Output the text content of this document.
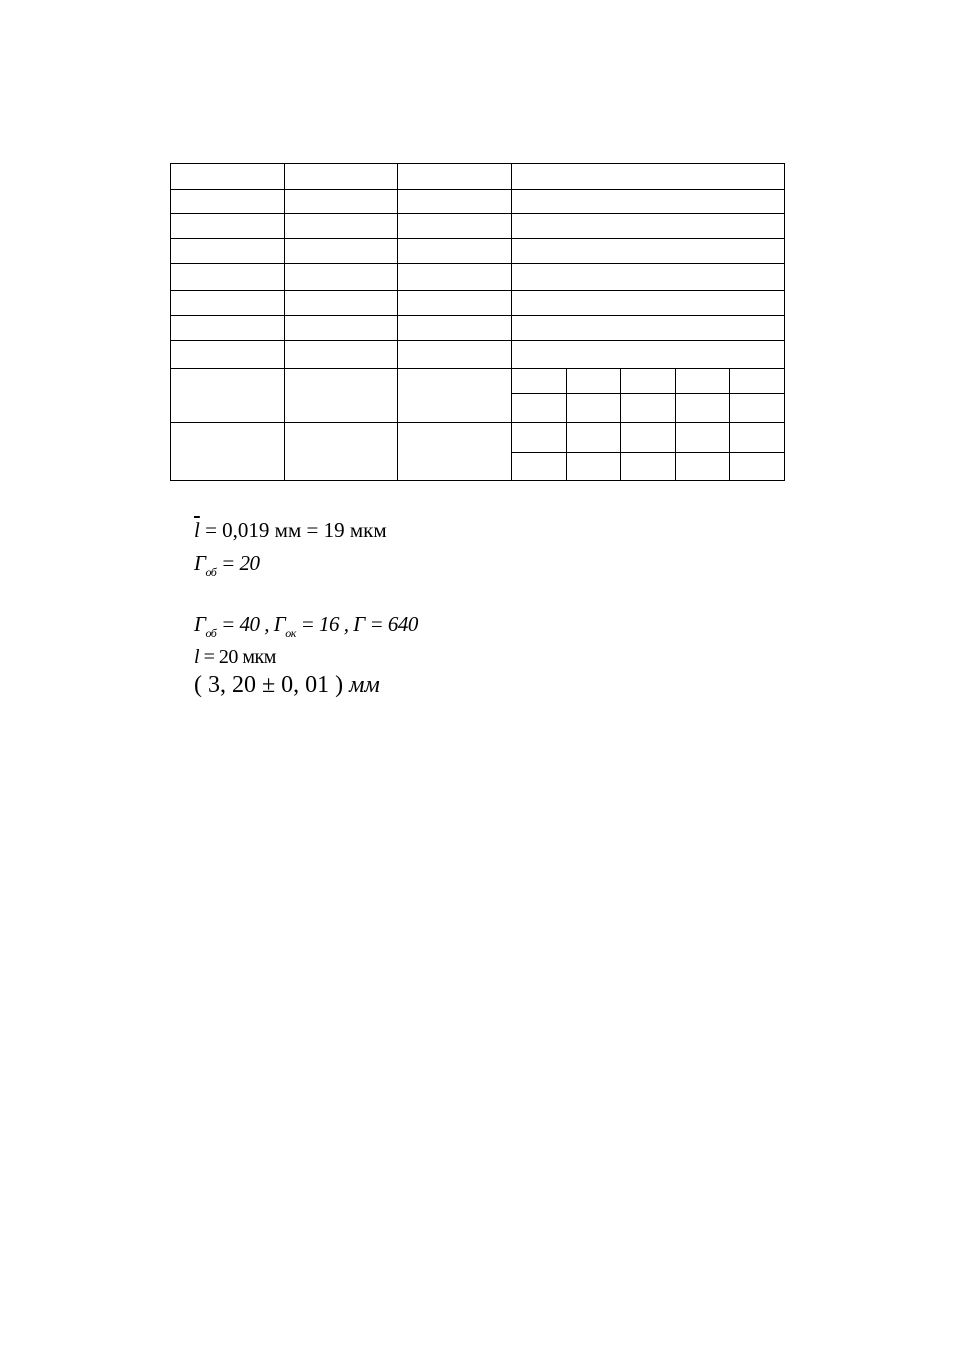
$\overline{l} = 0,019$ мм = 19 мкм
$Г_{об} = 20$
$Г_{об} = 40$ , $Г_{ок} = 16$ , Г = 640
l = 20 мкм
( 3, 20 ± 0, 01 ) мм
